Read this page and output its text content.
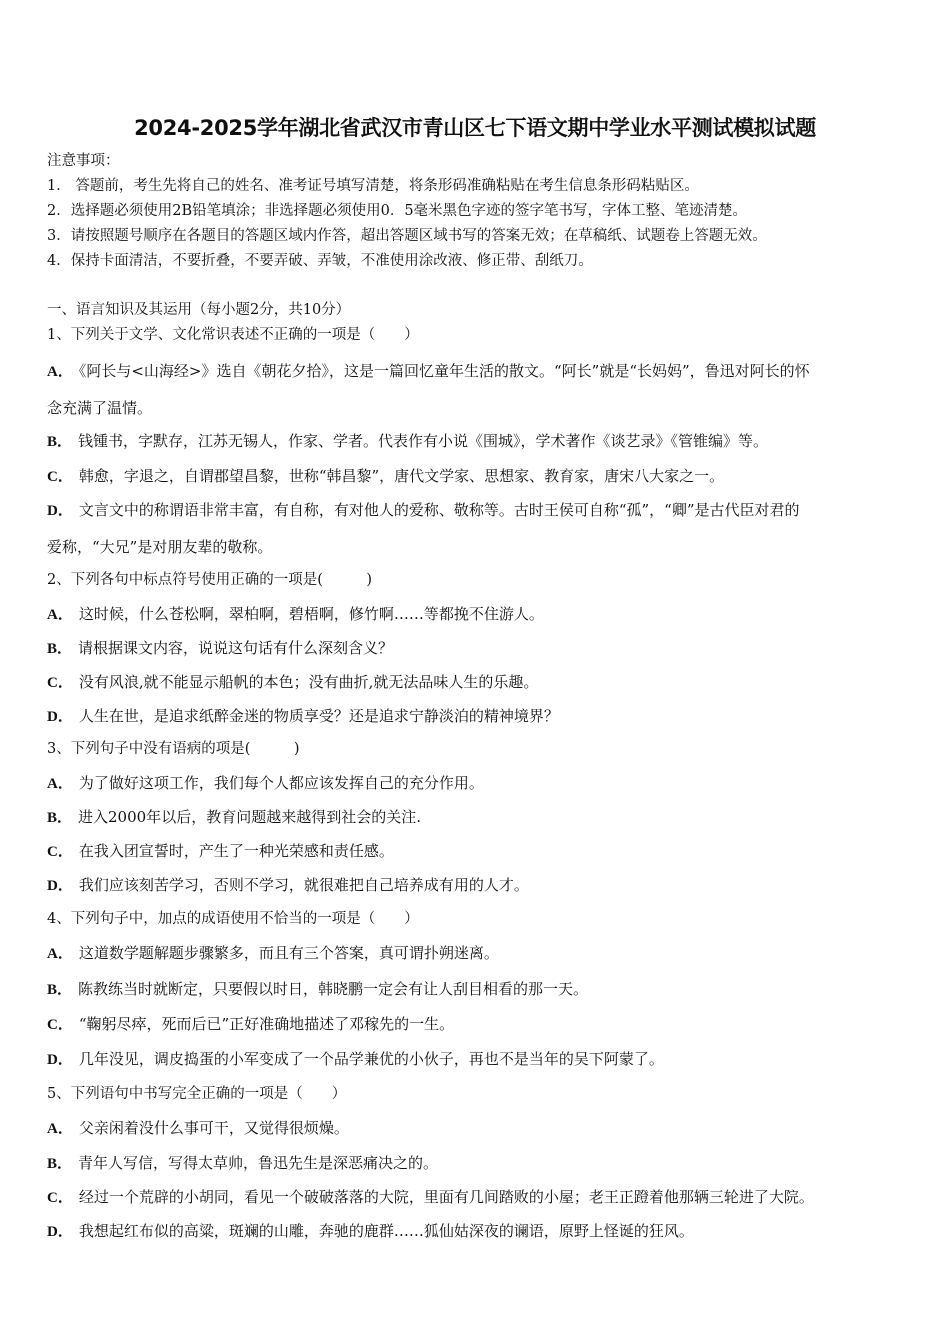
2024-2025学年湖北省武汉市青山区七下语文期中学业水平测试模拟试题
注意事项：
1． 答题前，考生先将自己的姓名、准考证号填写清楚，将条形码准确粘贴在考生信息条形码粘贴区。
2．选择题必须使用2B铅笔填涂；非选择题必须使用0．5毫米黑色字迹的签字笔书写，字体工整、笔迹清楚。
3．请按照题号顺序在各题目的答题区域内作答，超出答题区域书写的答案无效；在草稿纸、试题卷上答题无效。
4．保持卡面清洁，不要折叠，不要弄破、弄皱，不准使用涂改液、修正带、刮纸刀。
一、语言知识及其运用（每小题2分，共10分）
1、下列关于文学、文化常识表述不正确的一项是（　　）
A． 《阿长与<山海经>》选自《朝花夕拾》，这是一篇回忆童年生活的散文。“阿长”就是“长妈妈”，鲁迅对阿长的怀
念充满了温情。
B． 钱锺书，字默存，江苏无锡人，作家、学者。代表作有小说《围城》，学术著作《谈艺录》《管锥编》等。
C． 韩愈，字退之，自谓郡望昌黎，世称“韩昌黎”，唐代文学家、思想家、教育家，唐宋八大家之一。
D． 文言文中的称谓语非常丰富，有自称，有对他人的爱称、敬称等。古时王侯可自称“孤”，“卿”是古代臣对君的
爱称，“大兄”是对朋友辈的敬称。
2、下列各句中标点符号使用正确的一项是(　　　)
A． 这时候，什么苍松啊，翠柏啊，碧梧啊，修竹啊……等都挽不住游人。
B． 请根据课文内容，说说这句话有什么深刻含义？
C． 没有风浪,就不能显示船帆的本色；没有曲折,就无法品味人生的乐趣。
D． 人生在世，是追求纸醉金迷的物质享受？还是追求宁静淡泊的精神境界？
3、下列句子中没有语病的项是(　　　)
A． 为了做好这项工作，我们每个人都应该发挥自己的充分作用。
B． 进入2000年以后，教育问题越来越得到社会的关注.
C． 在我入团宣誓时，产生了一种光荣感和责任感。
D． 我们应该刻苦学习，否则不学习，就很难把自己培养成有用的人才。
4、下列句子中，加点的成语使用不恰当的一项是（　　）
A． 这道数学题解题步骤繁多，而且有三个答案，真可谓扑朔迷离。
B． 陈教练当时就断定，只要假以时日，韩晓鹏一定会有让人刮目相看的那一天。
C． “鞠躬尽瘁，死而后已”正好准确地描述了邓稼先的一生。
D． 几年没见，调皮捣蛋的小军变成了一个品学兼优的小伙子，再也不是当年的吴下阿蒙了。
5、下列语句中书写完全正确的一项是（　　）
A． 父亲闲着没什么事可干，又觉得很烦燥。
B． 青年人写信，写得太草帅，鲁迅先生是深恶痛决之的。
C． 经过一个荒辟的小胡同，看见一个破破落落的大院，里面有几间踏败的小屋；老王正蹬着他那辆三轮进了大院。
D． 我想起红布似的高粱，斑斓的山雕，奔驰的鹿群……狐仙姑深夜的谰语，原野上怪诞的狂风。
